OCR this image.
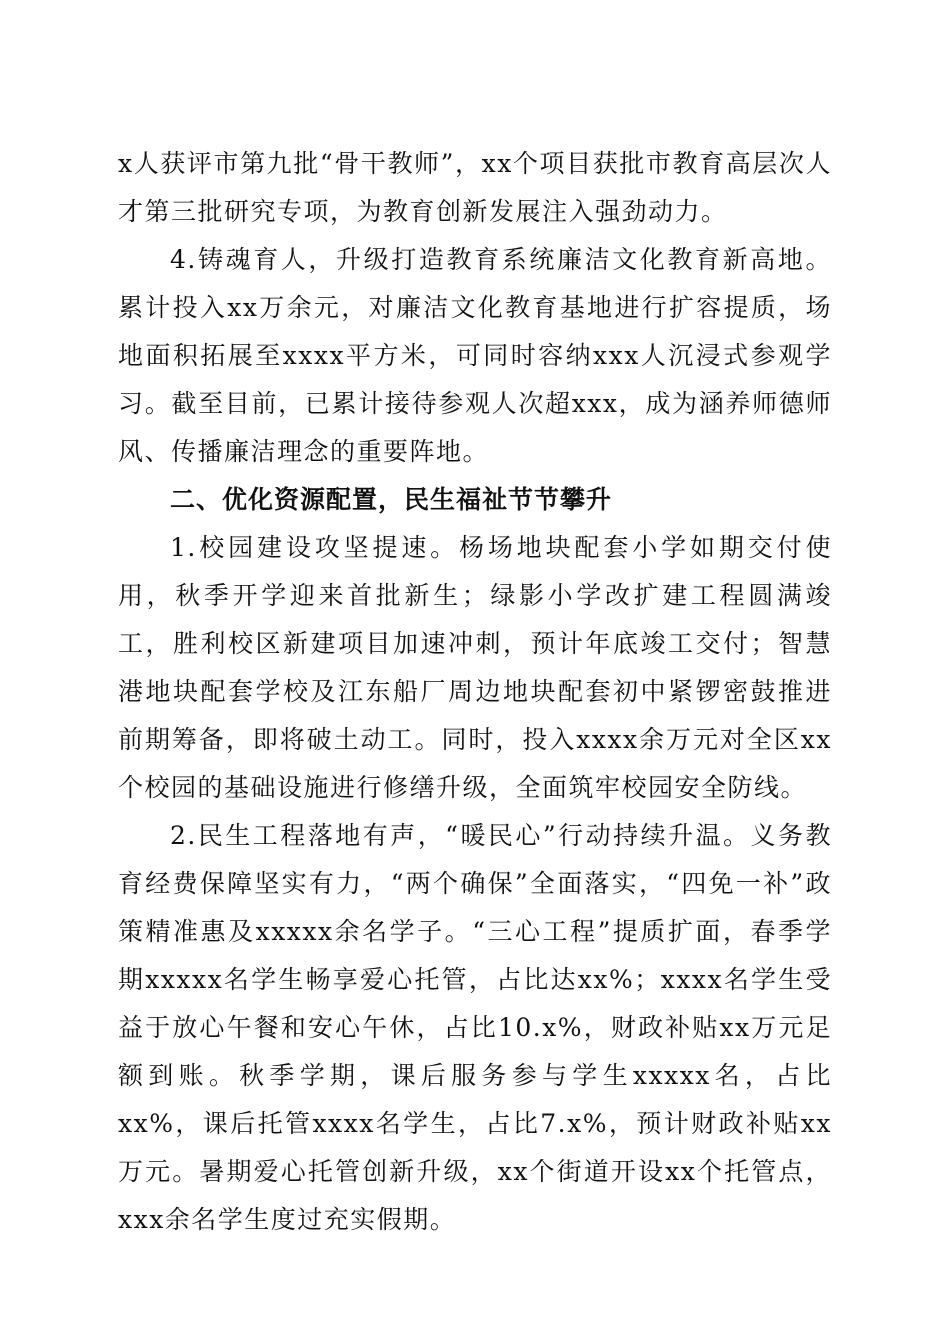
x人获评市第九批“骨干教师”，xx个项目获批市教育高层次人才第三批研究专项，为教育创新发展注入强劲动力。

4.铸魂育人，升级打造教育系统廉洁文化教育新高地。累计投入xx万余元，对廉洁文化教育基地进行扩容提质，场地面积拓展至xxxx平方米，可同时容纳xxx人沉浸式参观学习。截至目前，已累计接待参观人次超xxx，成为涵养师德师风、传播廉洁理念的重要阵地。

二、优化资源配置，民生福祉节节攀升

1.校园建设攻坚提速。杨场地块配套小学如期交付使用，秋季开学迎来首批新生；绿影小学改扩建工程圆满竣工，胜利校区新建项目加速冲刺，预计年底竣工交付；智慧港地块配套学校及江东船厂周边地块配套初中紧锣密鼓推进前期筹备，即将破土动工。同时，投入xxxx余万元对全区xx个校园的基础设施进行修缮升级，全面筑牢校园安全防线。

2.民生工程落地有声，“暖民心”行动持续升温。义务教育经费保障坚实有力，“两个确保”全面落实，“四免一补”政策精准惠及xxxxx余名学子。“三心工程”提质扩面，春季学期xxxxx名学生畅享爱心托管，占比达xx%；xxxx名学生受益于放心午餐和安心午休，占比10.x%，财政补贴xx万元足额到账。秋季学期，课后服务参与学生xxxxx名，占比xx%，课后托管xxxx名学生，占比7.x%，预计财政补贴xx万元。暑期爱心托管创新升级，xx个街道开设xx个托管点，xxx余名学生度过充实假期。
